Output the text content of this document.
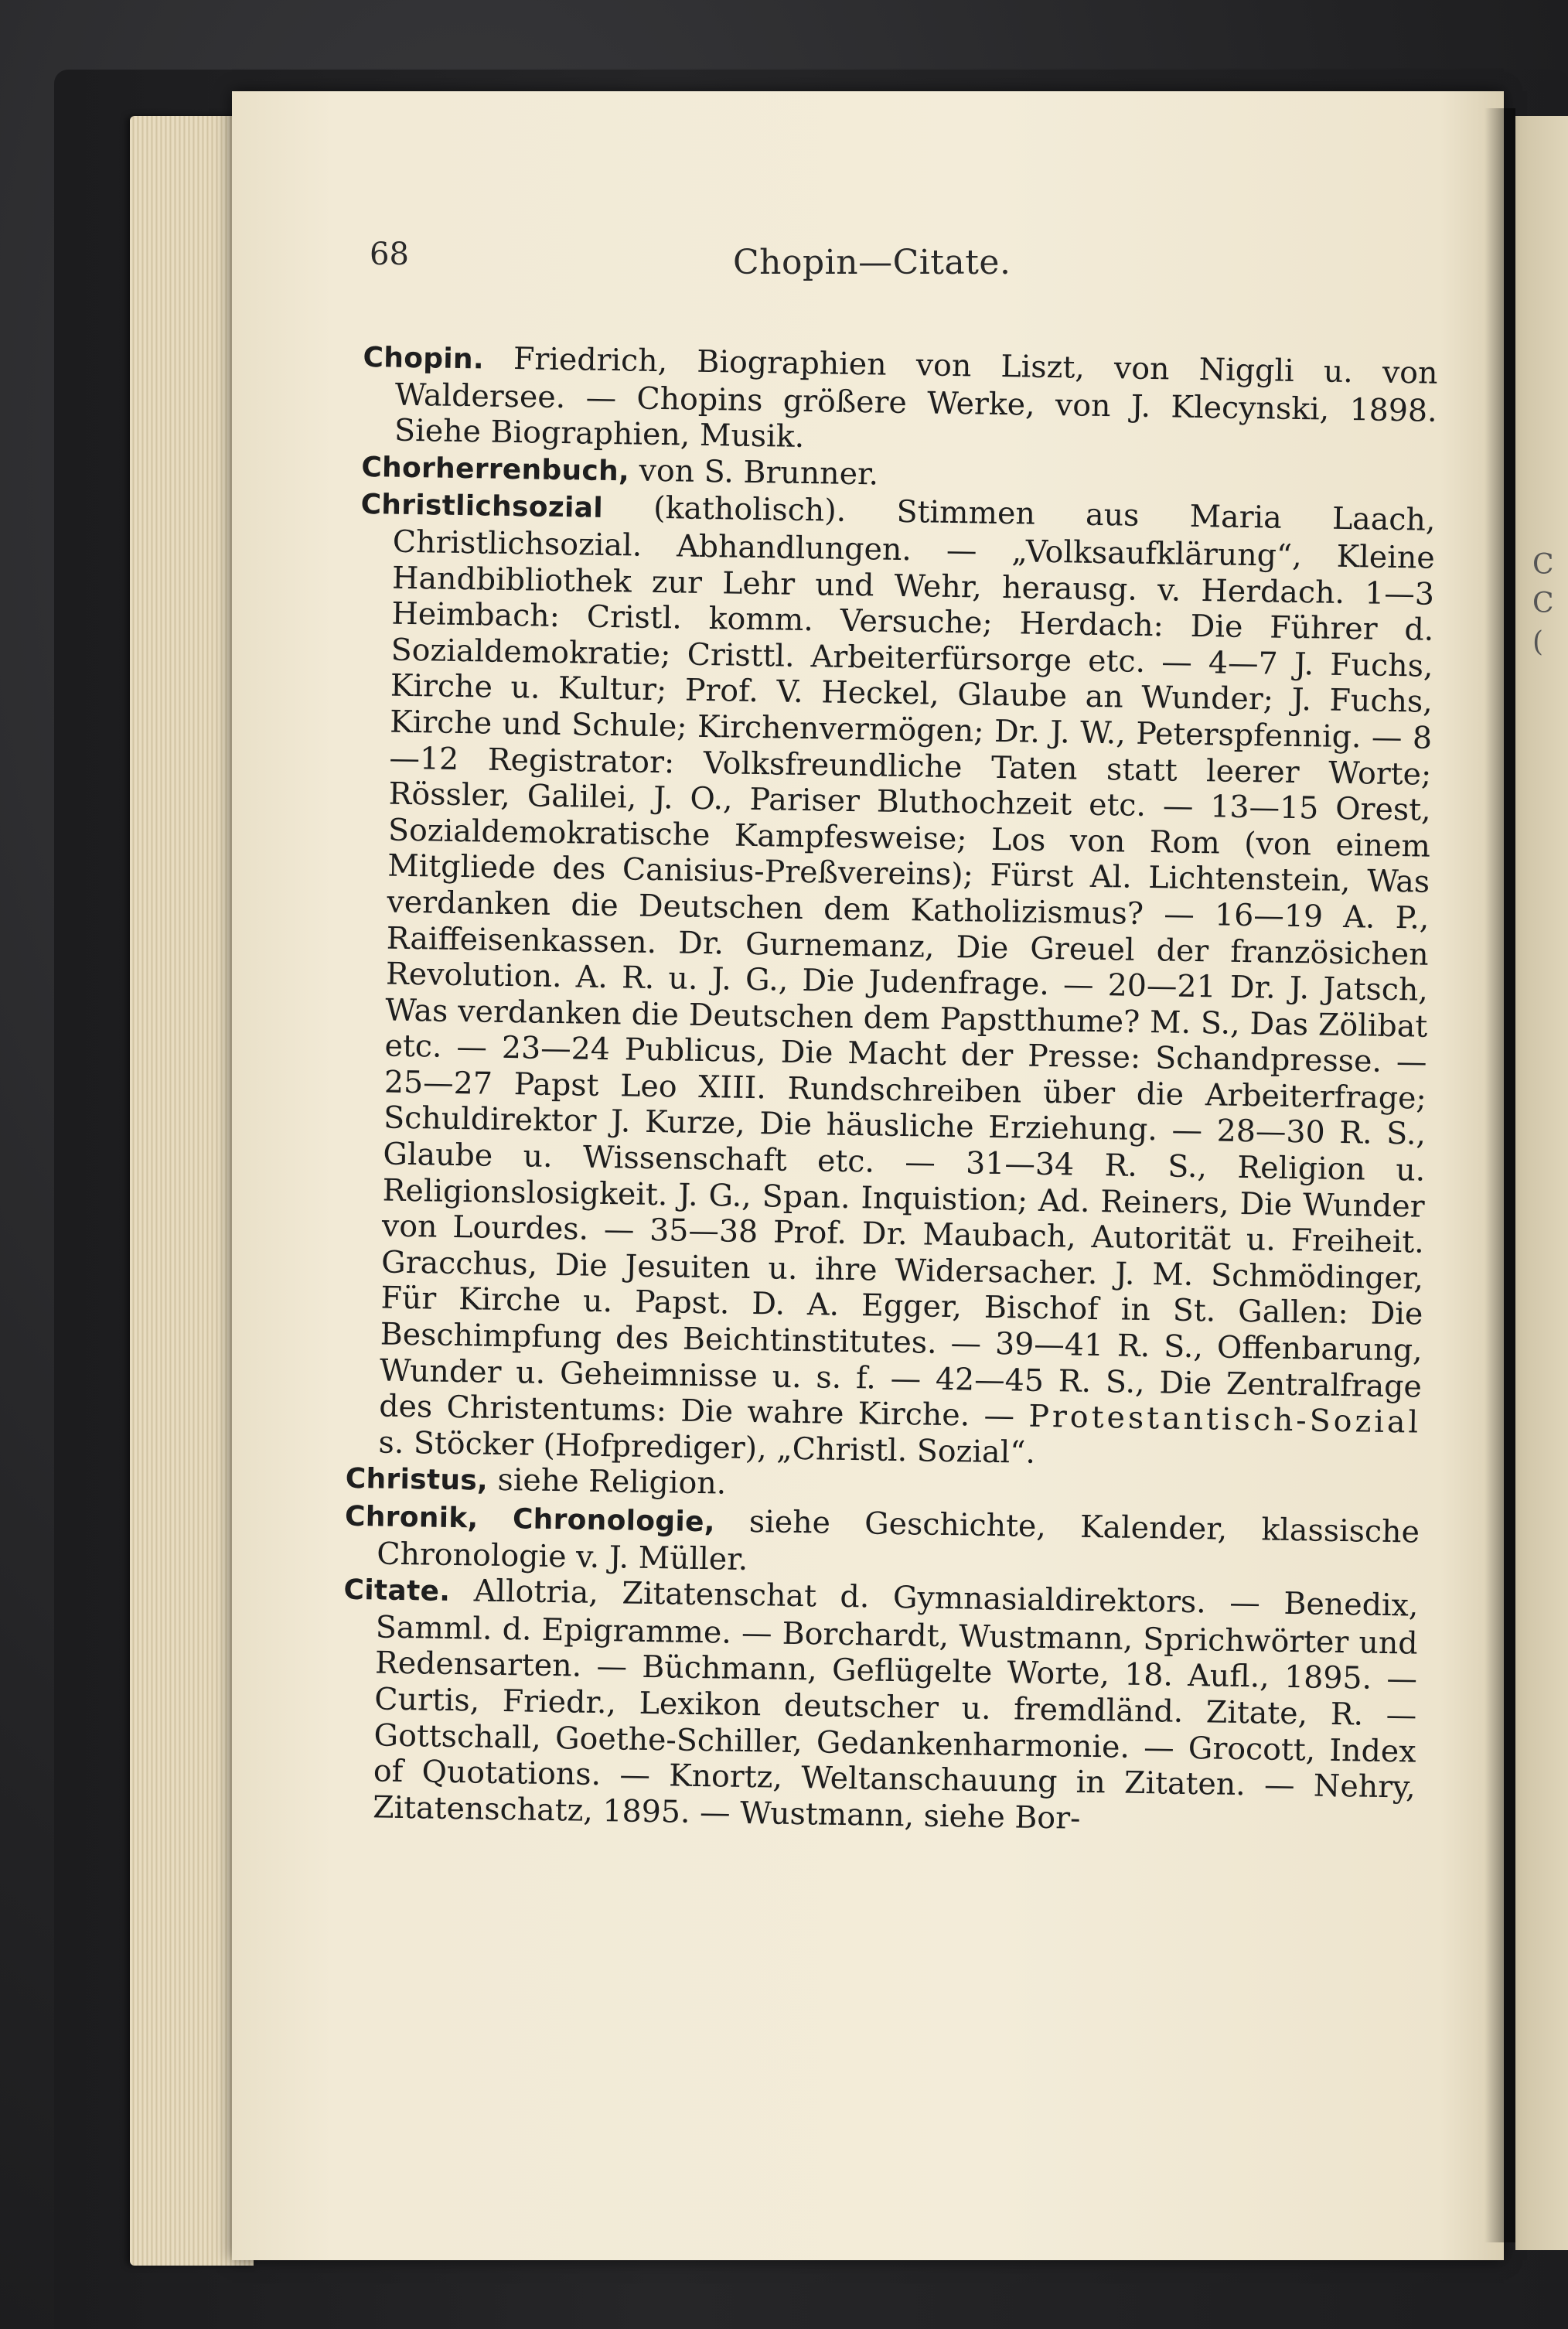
C
C
(
68	Chopin—Citate.

Chopin. Friedrich, Biographien von Liszt, von Niggli u. von Waldersee. — Chopins größere Werke, von J. Klecynski, 1898. Siehe Biographien, Musik.

Chorherrenbuch, von S. Brunner.

Christlichsozial (katholisch). Stimmen aus Maria Laach, Christlichsozial. Abhandlungen. — „Volksaufklärung“, Kleine Handbibliothek zur Lehr und Wehr, herausg. v. Herdach. 1—3 Heimbach: Cristl. komm. Versuche; Herdach: Die Führer d. Sozialdemokratie; Cristtl. Arbeiterfürsorge etc. — 4—7 J. Fuchs, Kirche u. Kultur; Prof. V. Heckel, Glaube an Wunder; J. Fuchs, Kirche und Schule; Kirchenvermögen; Dr. J. W., Peterspfennig. — 8—12 Registrator: Volksfreundliche Taten statt leerer Worte; Rössler, Galilei, J. O., Pariser Bluthochzeit etc. — 13—15 Orest, Sozialdemokratische Kampfesweise; Los von Rom (von einem Mitgliede des Canisius-Preßvereins); Fürst Al. Lichtenstein, Was verdanken die Deutschen dem Katholizismus? — 16—19 A. P., Raiffeisenkassen. Dr. Gurnemanz, Die Greuel der französichen Revolution. A. R. u. J. G., Die Judenfrage. — 20—21 Dr. J. Jatsch, Was verdanken die Deutschen dem Papstthume? M. S., Das Zölibat etc. — 23—24 Publicus, Die Macht der Presse: Schandpresse. — 25—27 Papst Leo XIII. Rundschreiben über die Arbeiterfrage; Schuldirektor J. Kurze, Die häusliche Erziehung. — 28—30 R. S., Glaube u. Wissenschaft etc. — 31—34 R. S., Religion u. Religionslosigkeit. J. G., Span. Inquistion; Ad. Reiners, Die Wunder von Lourdes. — 35—38 Prof. Dr. Maubach, Autorität u. Freiheit. Gracchus, Die Jesuiten u. ihre Widersacher. J. M. Schmödinger, Für Kirche u. Papst. D. A. Egger, Bischof in St. Gallen: Die Beschimpfung des Beichtinstitutes. — 39—41 R. S., Offenbarung, Wunder u. Geheimnisse u. s. f. — 42—45 R. S., Die Zentralfrage des Christentums: Die wahre Kirche. — Protestantisch-Sozial s. Stöcker (Hofprediger), „Christl. Sozial“.

Christus, siehe Religion.

Chronik, Chronologie, siehe Geschichte, Kalender, klassische Chronologie v. J. Müller.

Citate. Allotria, Zitatenschat d. Gymnasialdirektors. — Benedix, Samml. d. Epigramme. — Borchardt, Wustmann, Sprichwörter und Redensarten. — Büchmann, Geflügelte Worte, 18. Aufl., 1895. — Curtis, Friedr., Lexikon deutscher u. fremdländ. Zitate, R. — Gottschall, Goethe-Schiller, Gedankenharmonie. — Grocott, Index of Quotations. — Knortz, Weltanschauung in Zitaten. — Nehry, Zitatenschatz, 1895. — Wustmann, siehe Bor-
